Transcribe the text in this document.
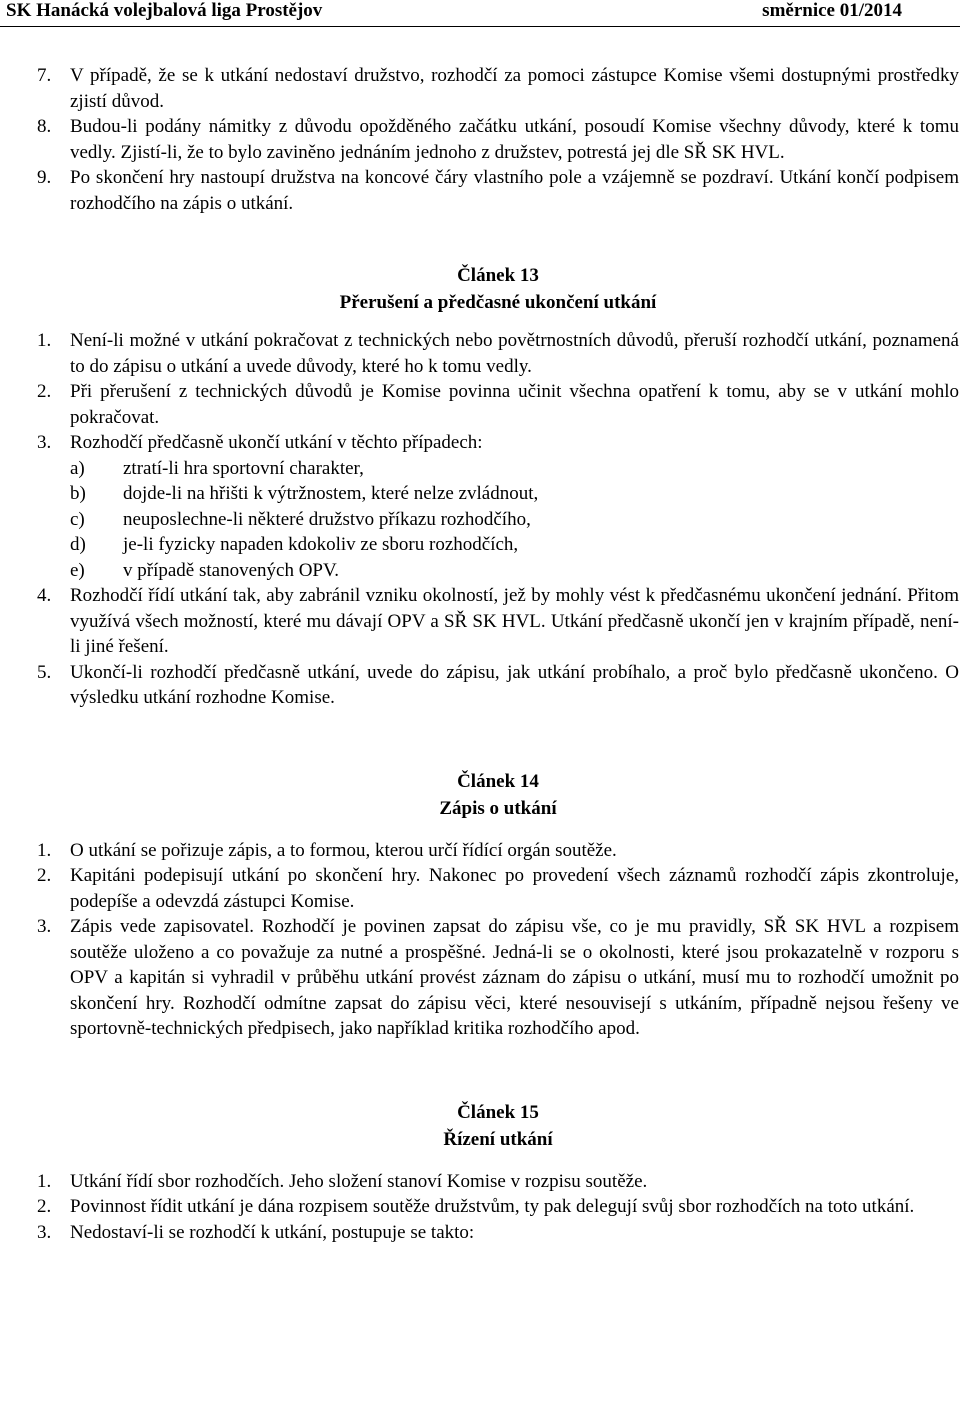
SK Hanácká volejbalová liga Prostějov	směrnice 01/2014
7. V případě, že se k utkání nedostaví družstvo, rozhodčí za pomoci zástupce Komise všemi dostupnými prostředky zjistí důvod.
8. Budou-li podány námitky z důvodu opožděného začátku utkání, posoudí Komise všechny důvody, které k tomu vedly. Zjistí-li, že to bylo zaviněno jednáním jednoho z družstev, potrestá jej dle SŘ SK HVL.
9. Po skončení hry nastoupí družstva na koncové čáry vlastního pole a vzájemně se pozdraví. Utkání končí podpisem rozhodčího na zápis o utkání.
Článek 13
Přerušení a předčasné ukončení utkání
1. Není-li možné v utkání pokračovat z technických nebo povětrnostních důvodů, přeruší rozhodčí utkání, poznamená to do zápisu o utkání a uvede důvody, které ho k tomu vedly.
2. Při přerušení z technických důvodů je Komise povinna učinit všechna opatření k tomu, aby se v utkání mohlo pokračovat.
3. Rozhodčí předčasně ukončí utkání v těchto případech:
a) ztratí-li hra sportovní charakter,
b) dojde-li na hřišti k výtržnostem, které nelze zvládnout,
c) neuposlechne-li některé družstvo příkazu rozhodčího,
d) je-li fyzicky napaden kdokoliv ze sboru rozhodčích,
e) v případě stanovených OPV.
4. Rozhodčí řídí utkání tak, aby zabránil vzniku okolností, jež by mohly vést k předčasnému ukončení jednání. Přitom využívá všech možností, které mu dávají OPV a SŘ SK HVL. Utkání předčasně ukončí jen v krajním případě, není-li jiné řešení.
5. Ukončí-li rozhodčí předčasně utkání, uvede do zápisu, jak utkání probíhalo, a proč bylo předčasně ukončeno. O výsledku utkání rozhodne Komise.
Článek 14
Zápis o utkání
1. O utkání se pořizuje zápis, a to formou, kterou určí řídící orgán soutěže.
2. Kapitáni podepisují utkání po skončení hry. Nakonec po provedení všech záznamů rozhodčí zápis zkontroluje, podepíše a odevzdá zástupci Komise.
3. Zápis vede zapisovatel. Rozhodčí je povinen zapsat do zápisu vše, co je mu pravidly, SŘ SK HVL a rozpisem soutěže uloženo a co považuje za nutné a prospěšné. Jedná-li se o okolnosti, které jsou prokazatelně v rozporu s OPV a kapitán si vyhradil v průběhu utkání provést záznam do zápisu o utkání, musí mu to rozhodčí umožnit po skončení hry. Rozhodčí odmítne zapsat do zápisu věci, které nesouvisejí s utkáním, případně nejsou řešeny ve sportovně-technických předpisech, jako například kritika rozhodčího apod.
Článek 15
Řízení utkání
1. Utkání řídí sbor rozhodčích. Jeho složení stanoví Komise v rozpisu soutěže.
2. Povinnost řídit utkání je dána rozpisem soutěže družstvům, ty pak delegují svůj sbor rozhodčích na toto utkání.
3. Nedostaví-li se rozhodčí k utkání, postupuje se takto:
